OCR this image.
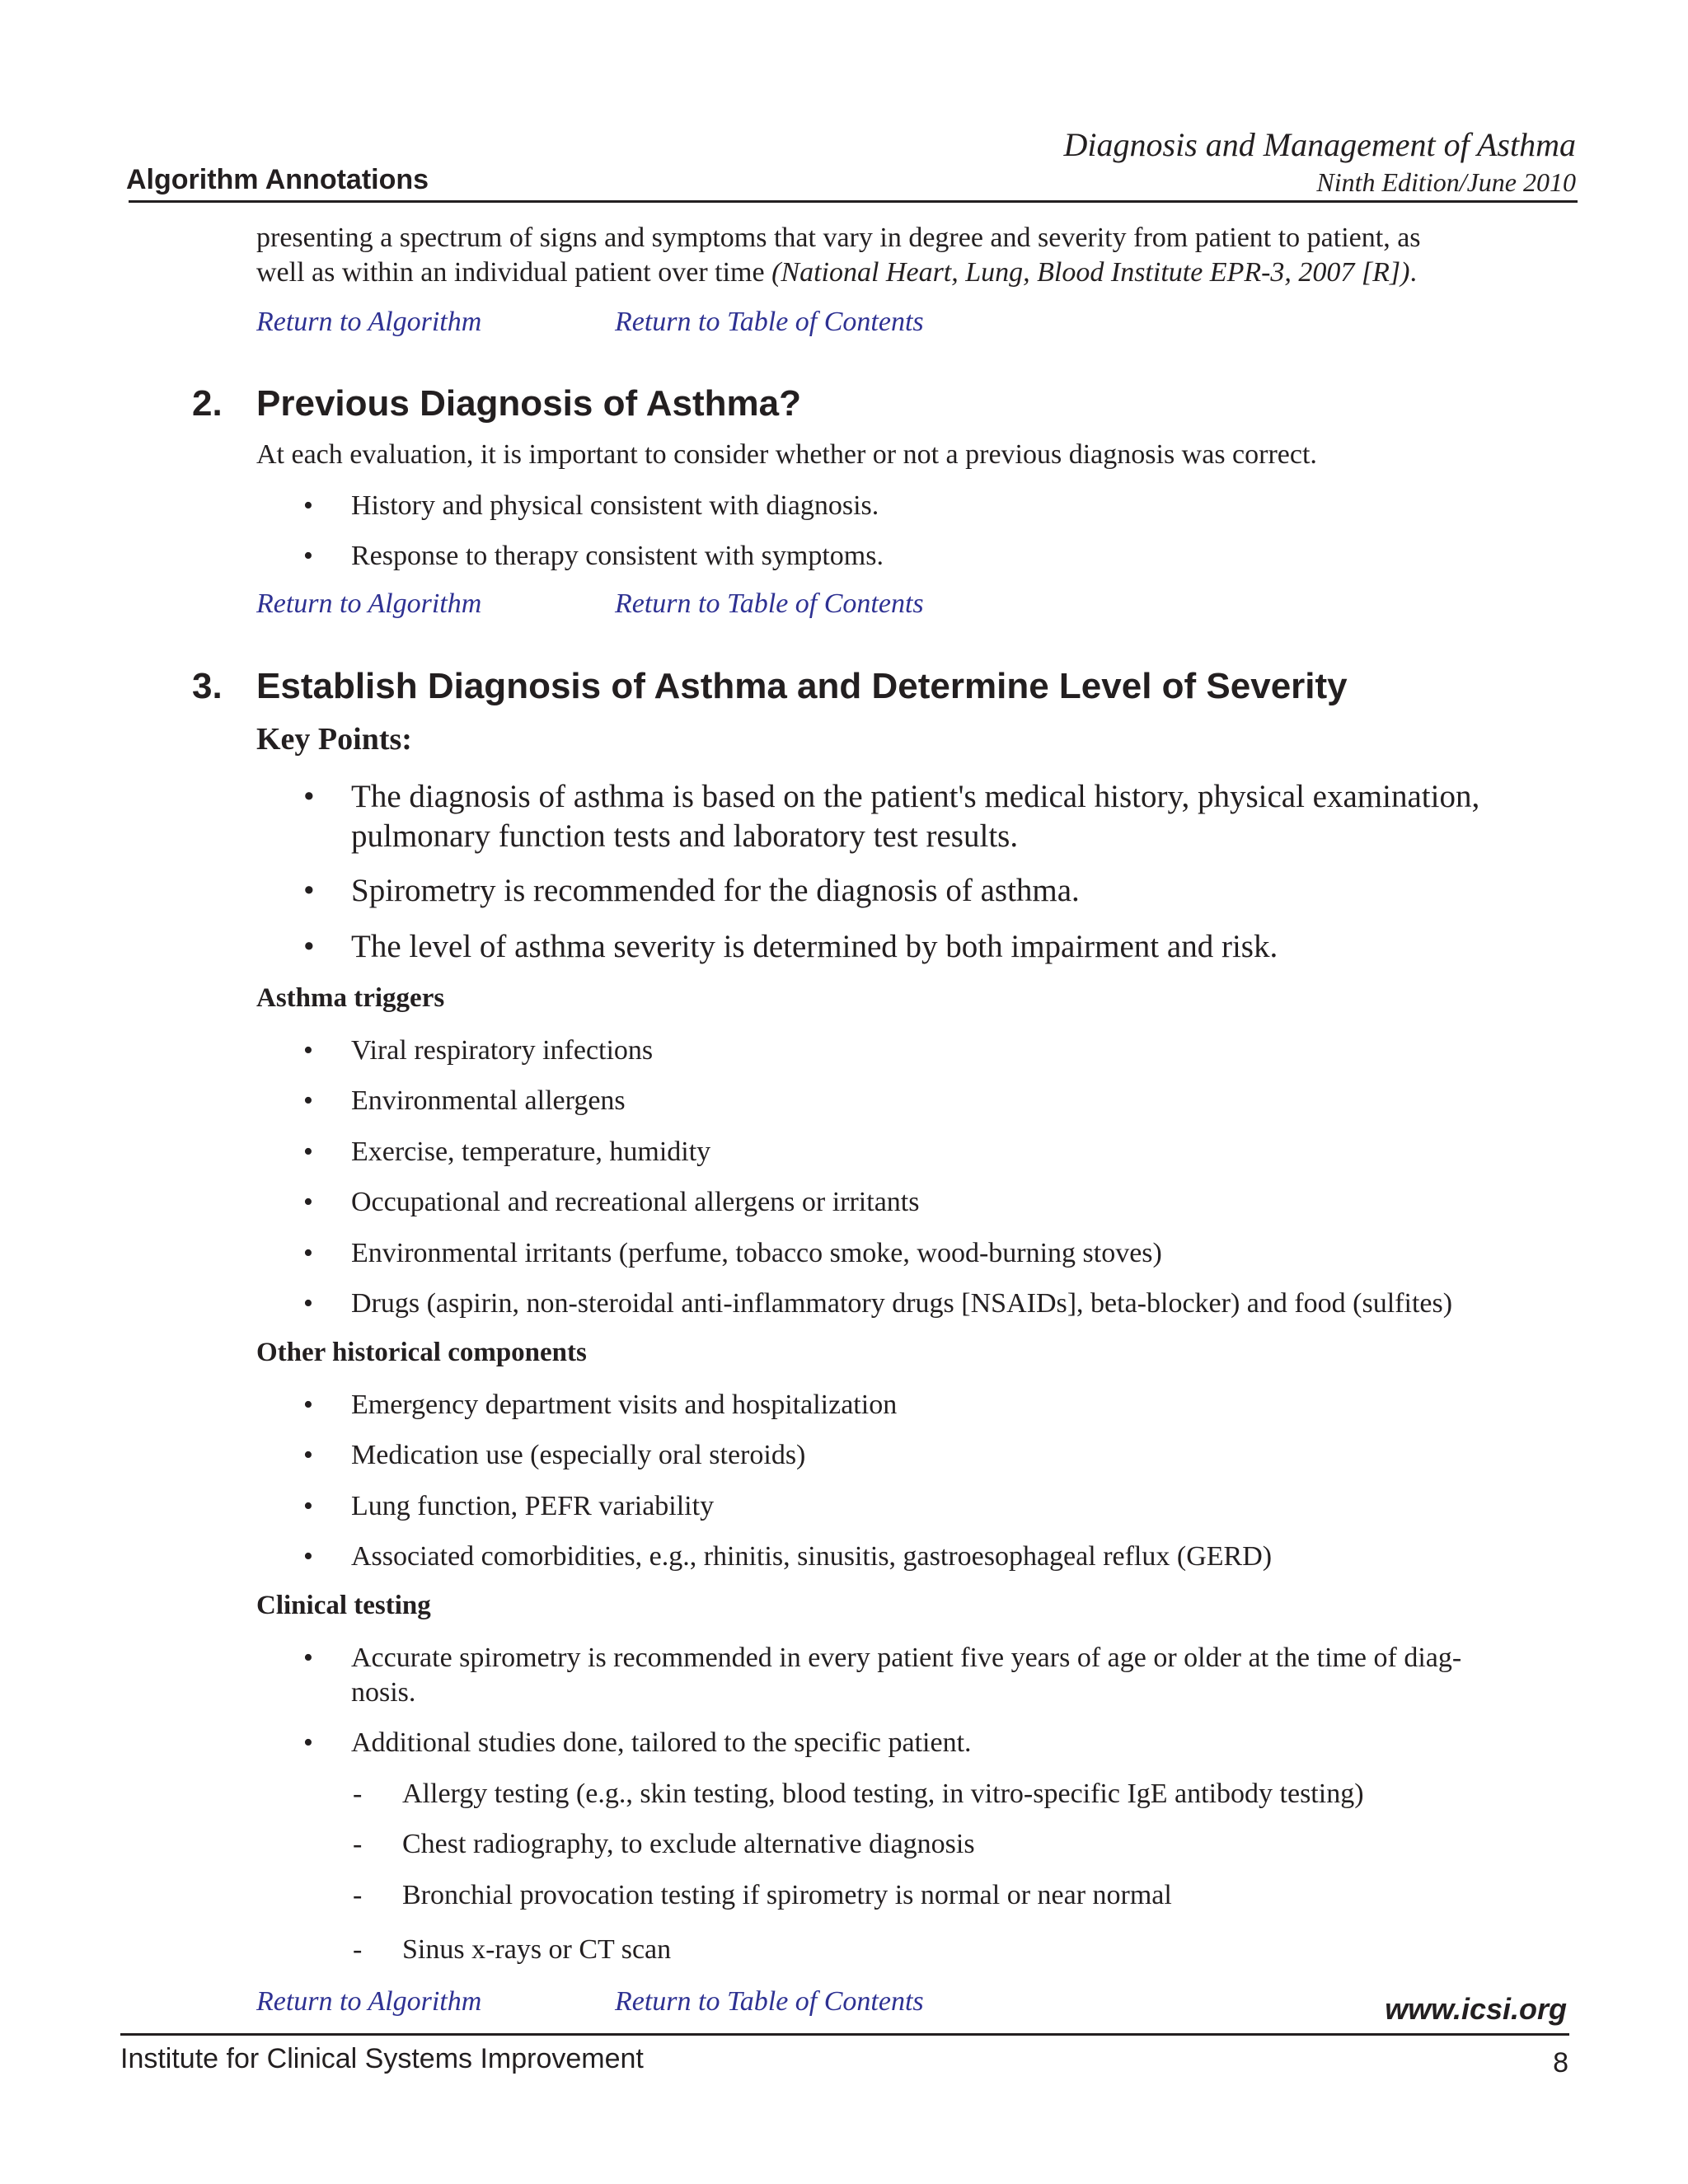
Diagnosis and Management of Asthma
Algorithm Annotations	Ninth Edition/June 2010
presenting a spectrum of signs and symptoms that vary in degree and severity from patient to patient, as
well as within an individual patient over time (National Heart, Lung, Blood Institute EPR-3, 2007 [R]).
Return to Algorithm	Return to Table of Contents
2. Previous Diagnosis of Asthma?
At each evaluation, it is important to consider whether or not a previous diagnosis was correct.
• History and physical consistent with diagnosis.
• Response to therapy consistent with symptoms.
Return to Algorithm	Return to Table of Contents
3. Establish Diagnosis of Asthma and Determine Level of Severity
Key Points:
• The diagnosis of asthma is based on the patient's medical history, physical examination,
pulmonary function tests and laboratory test results.
• Spirometry is recommended for the diagnosis of asthma.
• The level of asthma severity is determined by both impairment and risk.
Asthma triggers
• Viral respiratory infections
• Environmental allergens
• Exercise, temperature, humidity
• Occupational and recreational allergens or irritants
• Environmental irritants (perfume, tobacco smoke, wood-burning stoves)
• Drugs (aspirin, non-steroidal anti-inflammatory drugs [NSAIDs], beta-blocker) and food (sulfites)
Other historical components
• Emergency department visits and hospitalization
• Medication use (especially oral steroids)
• Lung function, PEFR variability
• Associated comorbidities, e.g., rhinitis, sinusitis, gastroesophageal reflux (GERD)
Clinical testing
• Accurate spirometry is recommended in every patient five years of age or older at the time of diag-
nosis.
• Additional studies done, tailored to the specific patient.
- Allergy testing (e.g., skin testing, blood testing, in vitro-specific IgE antibody testing)
- Chest radiography, to exclude alternative diagnosis
- Bronchial provocation testing if spirometry is normal or near normal
- Sinus x-rays or CT scan
Return to Algorithm	Return to Table of Contents	www.icsi.org
Institute for Clinical Systems Improvement	8
